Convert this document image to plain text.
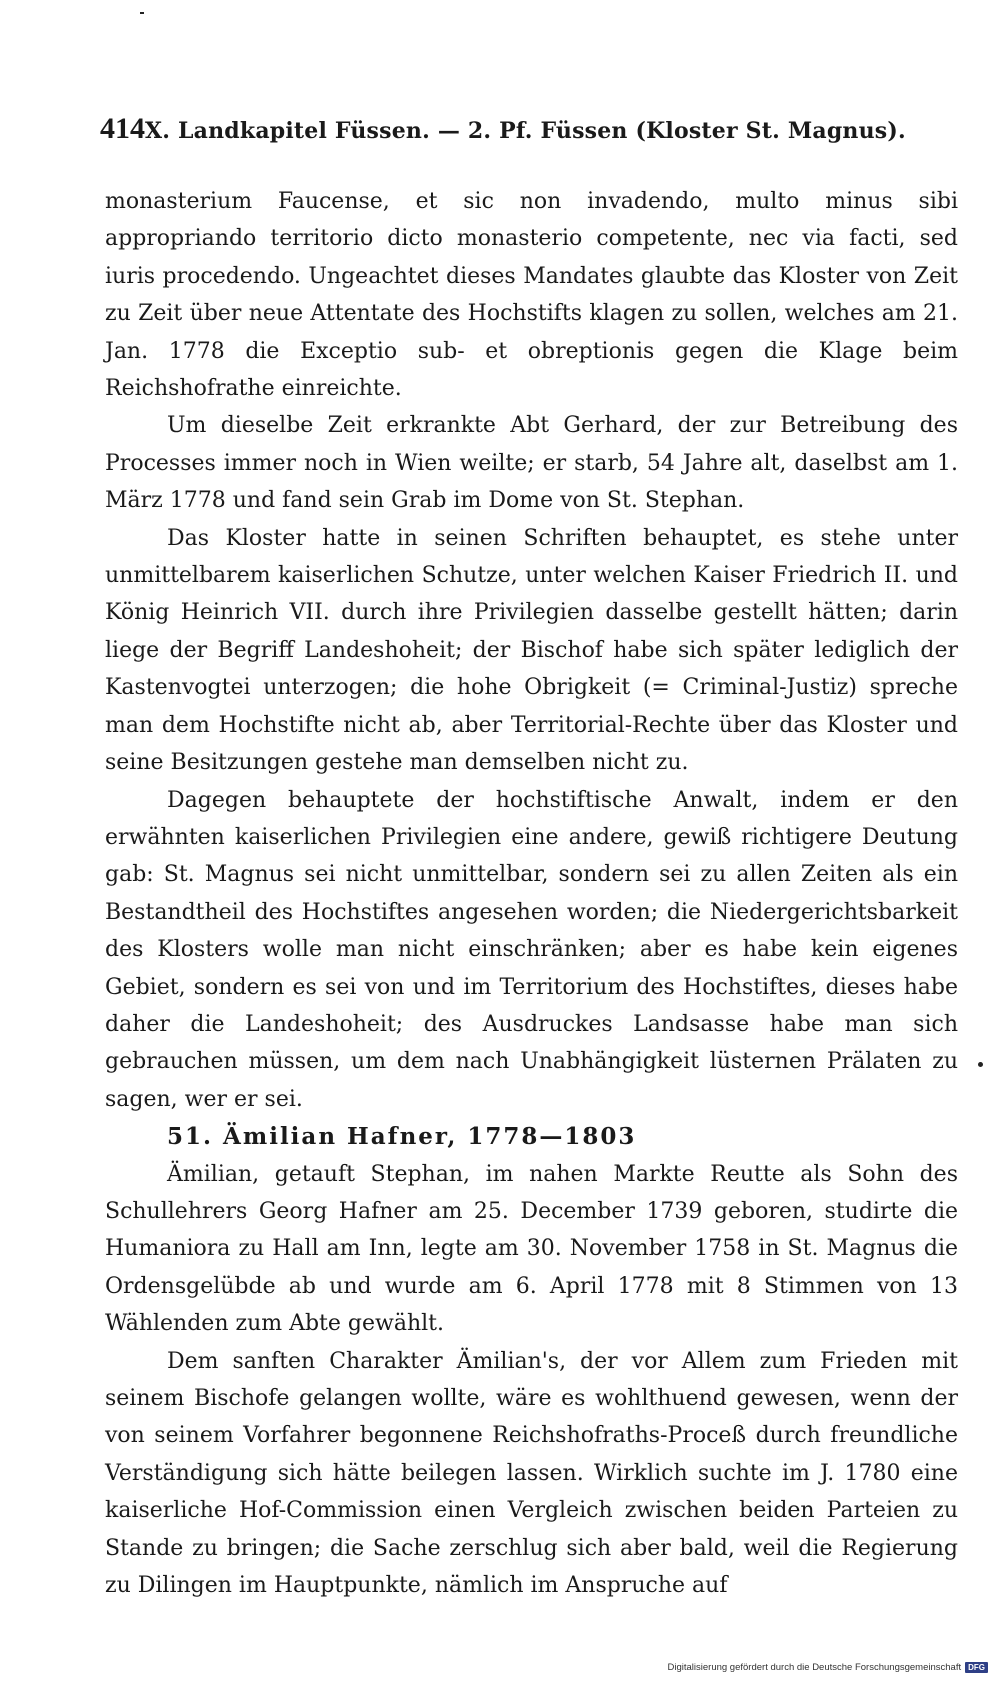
414 X. Landkapitel Füssen. — 2. Pf. Füssen (Kloster St. Magnus).

monasterium Faucense, et sic non invadendo, multo minus sibi appropriando territorio dicto monasterio competente, nec via facti, sed iuris procedendo. Ungeachtet dieses Mandates glaubte das Kloster von Zeit zu Zeit über neue Attentate des Hochstifts klagen zu sollen, welches am 21. Jan. 1778 die Exceptio sub- et obreptionis gegen die Klage beim Reichshofrathe einreichte.

Um dieselbe Zeit erkrankte Abt Gerhard, der zur Betreibung des Processes immer noch in Wien weilte; er starb, 54 Jahre alt, daselbst am 1. März 1778 und fand sein Grab im Dome von St. Stephan.

Das Kloster hatte in seinen Schriften behauptet, es stehe unter unmittelbarem kaiserlichen Schutze, unter welchen Kaiser Friedrich II. und König Heinrich VII. durch ihre Privilegien dasselbe gestellt hätten; darin liege der Begriff Landeshoheit; der Bischof habe sich später lediglich der Kastenvogtei unterzogen; die hohe Obrigkeit (= Criminal-Justiz) spreche man dem Hochstifte nicht ab, aber Territorial-Rechte über das Kloster und seine Besitzungen gestehe man demselben nicht zu.

Dagegen behauptete der hochstiftische Anwalt, indem er den erwähnten kaiserlichen Privilegien eine andere, gewiß richtigere Deutung gab: St. Magnus sei nicht unmittelbar, sondern sei zu allen Zeiten als ein Bestandtheil des Hochstiftes angesehen worden; die Niedergerichtsbarkeit des Klosters wolle man nicht einschränken; aber es habe kein eigenes Gebiet, sondern es sei von und im Territorium des Hochstiftes, dieses habe daher die Landeshoheit; des Ausdruckes Landsasse habe man sich gebrauchen müssen, um dem nach Unabhängigkeit lüsternen Prälaten zu sagen, wer er sei.

51. Ämilian Hafner, 1778—1803

Ämilian, getauft Stephan, im nahen Markte Reutte als Sohn des Schullehrers Georg Hafner am 25. December 1739 geboren, studirte die Humaniora zu Hall am Inn, legte am 30. November 1758 in St. Magnus die Ordensgelübde ab und wurde am 6. April 1778 mit 8 Stimmen von 13 Wählenden zum Abte gewählt.

Dem sanften Charakter Ämilian's, der vor Allem zum Frieden mit seinem Bischofe gelangen wollte, wäre es wohlthuend gewesen, wenn der von seinem Vorfahrer begonnene Reichshofraths-Proceß durch freundliche Verständigung sich hätte beilegen lassen. Wirklich suchte im J. 1780 eine kaiserliche Hof-Commission einen Vergleich zwischen beiden Parteien zu Stande zu bringen; die Sache zerschlug sich aber bald, weil die Regierung zu Dilingen im Hauptpunkte, nämlich im Anspruche auf

Digitalisierung gefördert durch die Deutsche Forschungsgemeinschaft DFG
